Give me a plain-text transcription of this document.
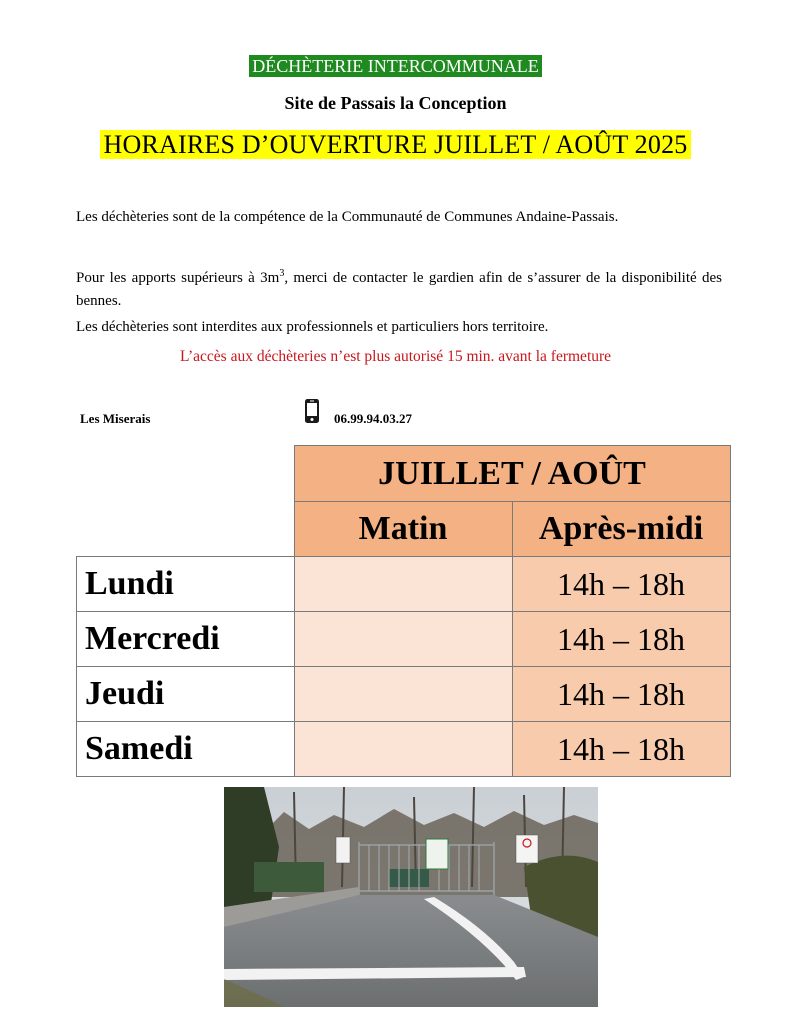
DÉCHÈTERIE INTERCOMMUNALE
Site de Passais la Conception
HORAIRES D’OUVERTURE JUILLET / AOÛT 2025
Les déchèteries sont de la compétence de la Communauté de Communes Andaine-Passais.
Pour les apports supérieurs à $3m^3$, merci de contacter le gardien afin de s’assurer de la disponibilité des bennes.
Les déchèteries sont interdites aux professionnels et particuliers hors territoire.
L’accès aux déchèteries n’est plus autorisé 15 min. avant la fermeture
Les Miserais	06.99.94.03.27
	JUILLET / AOÛT	
	Matin	Après-midi
Lundi		14h – 18h
Mercredi		14h – 18h
Jeudi		14h – 18h
Samedi		14h – 18h
